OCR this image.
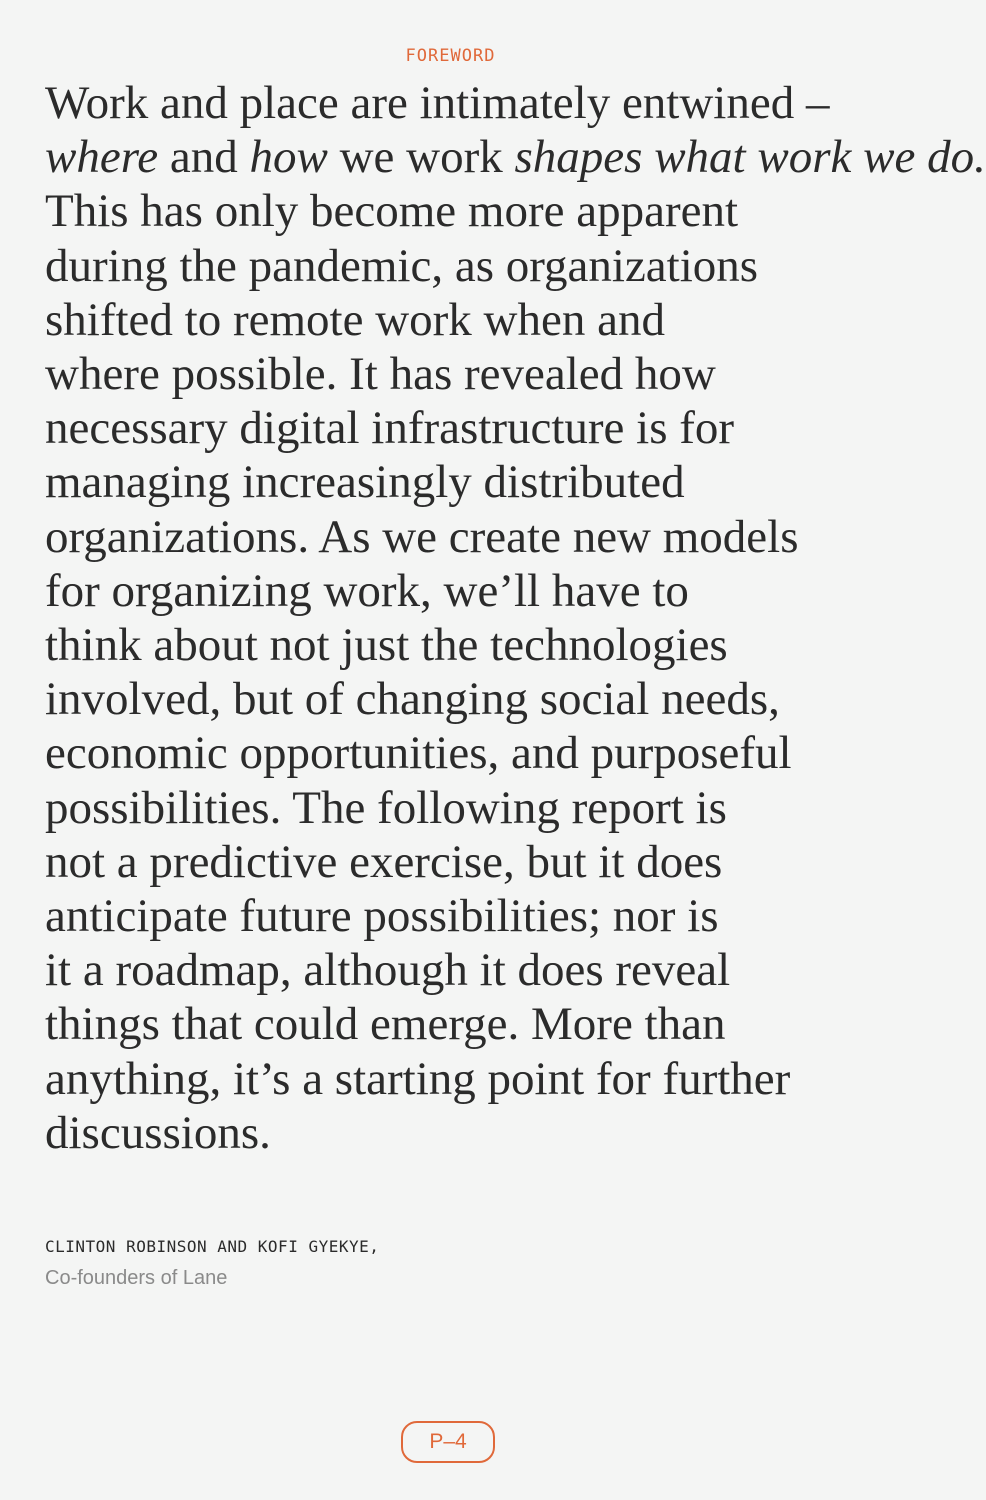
FOREWORD

Work and place are intimately entwined –
where and how we work shapes what work we do.
This has only become more apparent
during the pandemic, as organizations
shifted to remote work when and
where possible. It has revealed how
necessary digital infrastructure is for
managing increasingly distributed
organizations. As we create new models
for organizing work, we’ll have to
think about not just the technologies
involved, but of changing social needs,
economic opportunities, and purposeful
possibilities. The following report is
not a predictive exercise, but it does
anticipate future possibilities; nor is
it a roadmap, although it does reveal
things that could emerge. More than
anything, it’s a starting point for further
discussions.

CLINTON ROBINSON AND KOFI GYEKYE,
Co-founders of Lane
P–4
